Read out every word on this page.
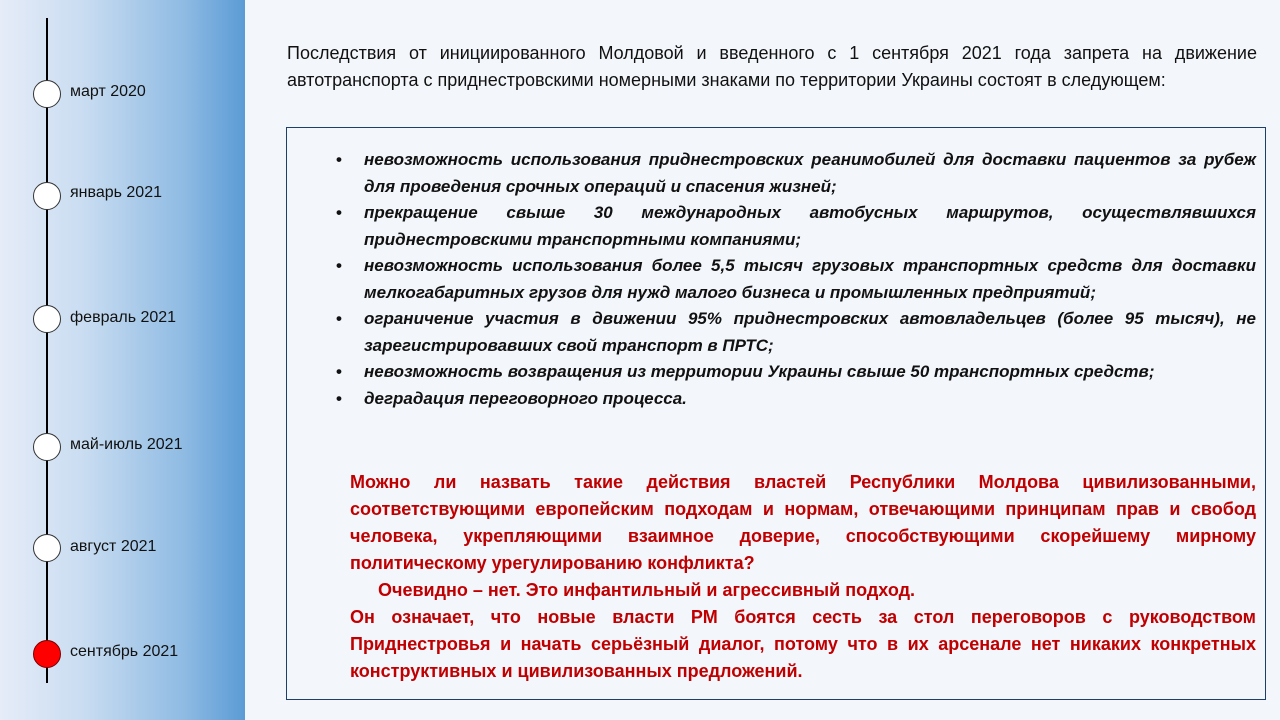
март 2020
январь 2021
февраль 2021
май-июль 2021
август 2021
сентябрь 2021
Последствия от инициированного Молдовой и введенного с 1 сентября 2021 года запрета на движение автотранспорта с приднестровскими номерными знаками по территории Украины состоят в следующем:
• невозможность использования приднестровских реанимобилей для доставки пациентов за рубеж для проведения срочных операций и спасения жизней;
• прекращение свыше 30 международных автобусных маршрутов, осуществлявшихся приднестровскими транспортными компаниями;
• невозможность использования более 5,5 тысяч грузовых транспортных средств для доставки мелкогабаритных грузов для нужд малого бизнеса и промышленных предприятий;
• ограничение участия в движении 95% приднестровских автовладельцев (более 95 тысяч), не зарегистрировавших свой транспорт в ПРТС;
• невозможность возвращения из территории Украины свыше 50 транспортных средств;
• деградация переговорного процесса.

Можно ли назвать такие действия властей Республики Молдова цивилизованными, соответствующими европейским подходам и нормам, отвечающими принципам прав и свобод человека, укрепляющими взаимное доверие, способствующими скорейшему мирному политическому урегулированию конфликта?

Очевидно – нет. Это инфантильный и агрессивный подход.

Он означает, что новые власти РМ боятся сесть за стол переговоров с руководством Приднестровья и начать серьёзный диалог, потому что в их арсенале нет никаких конкретных конструктивных и цивилизованных предложений.
